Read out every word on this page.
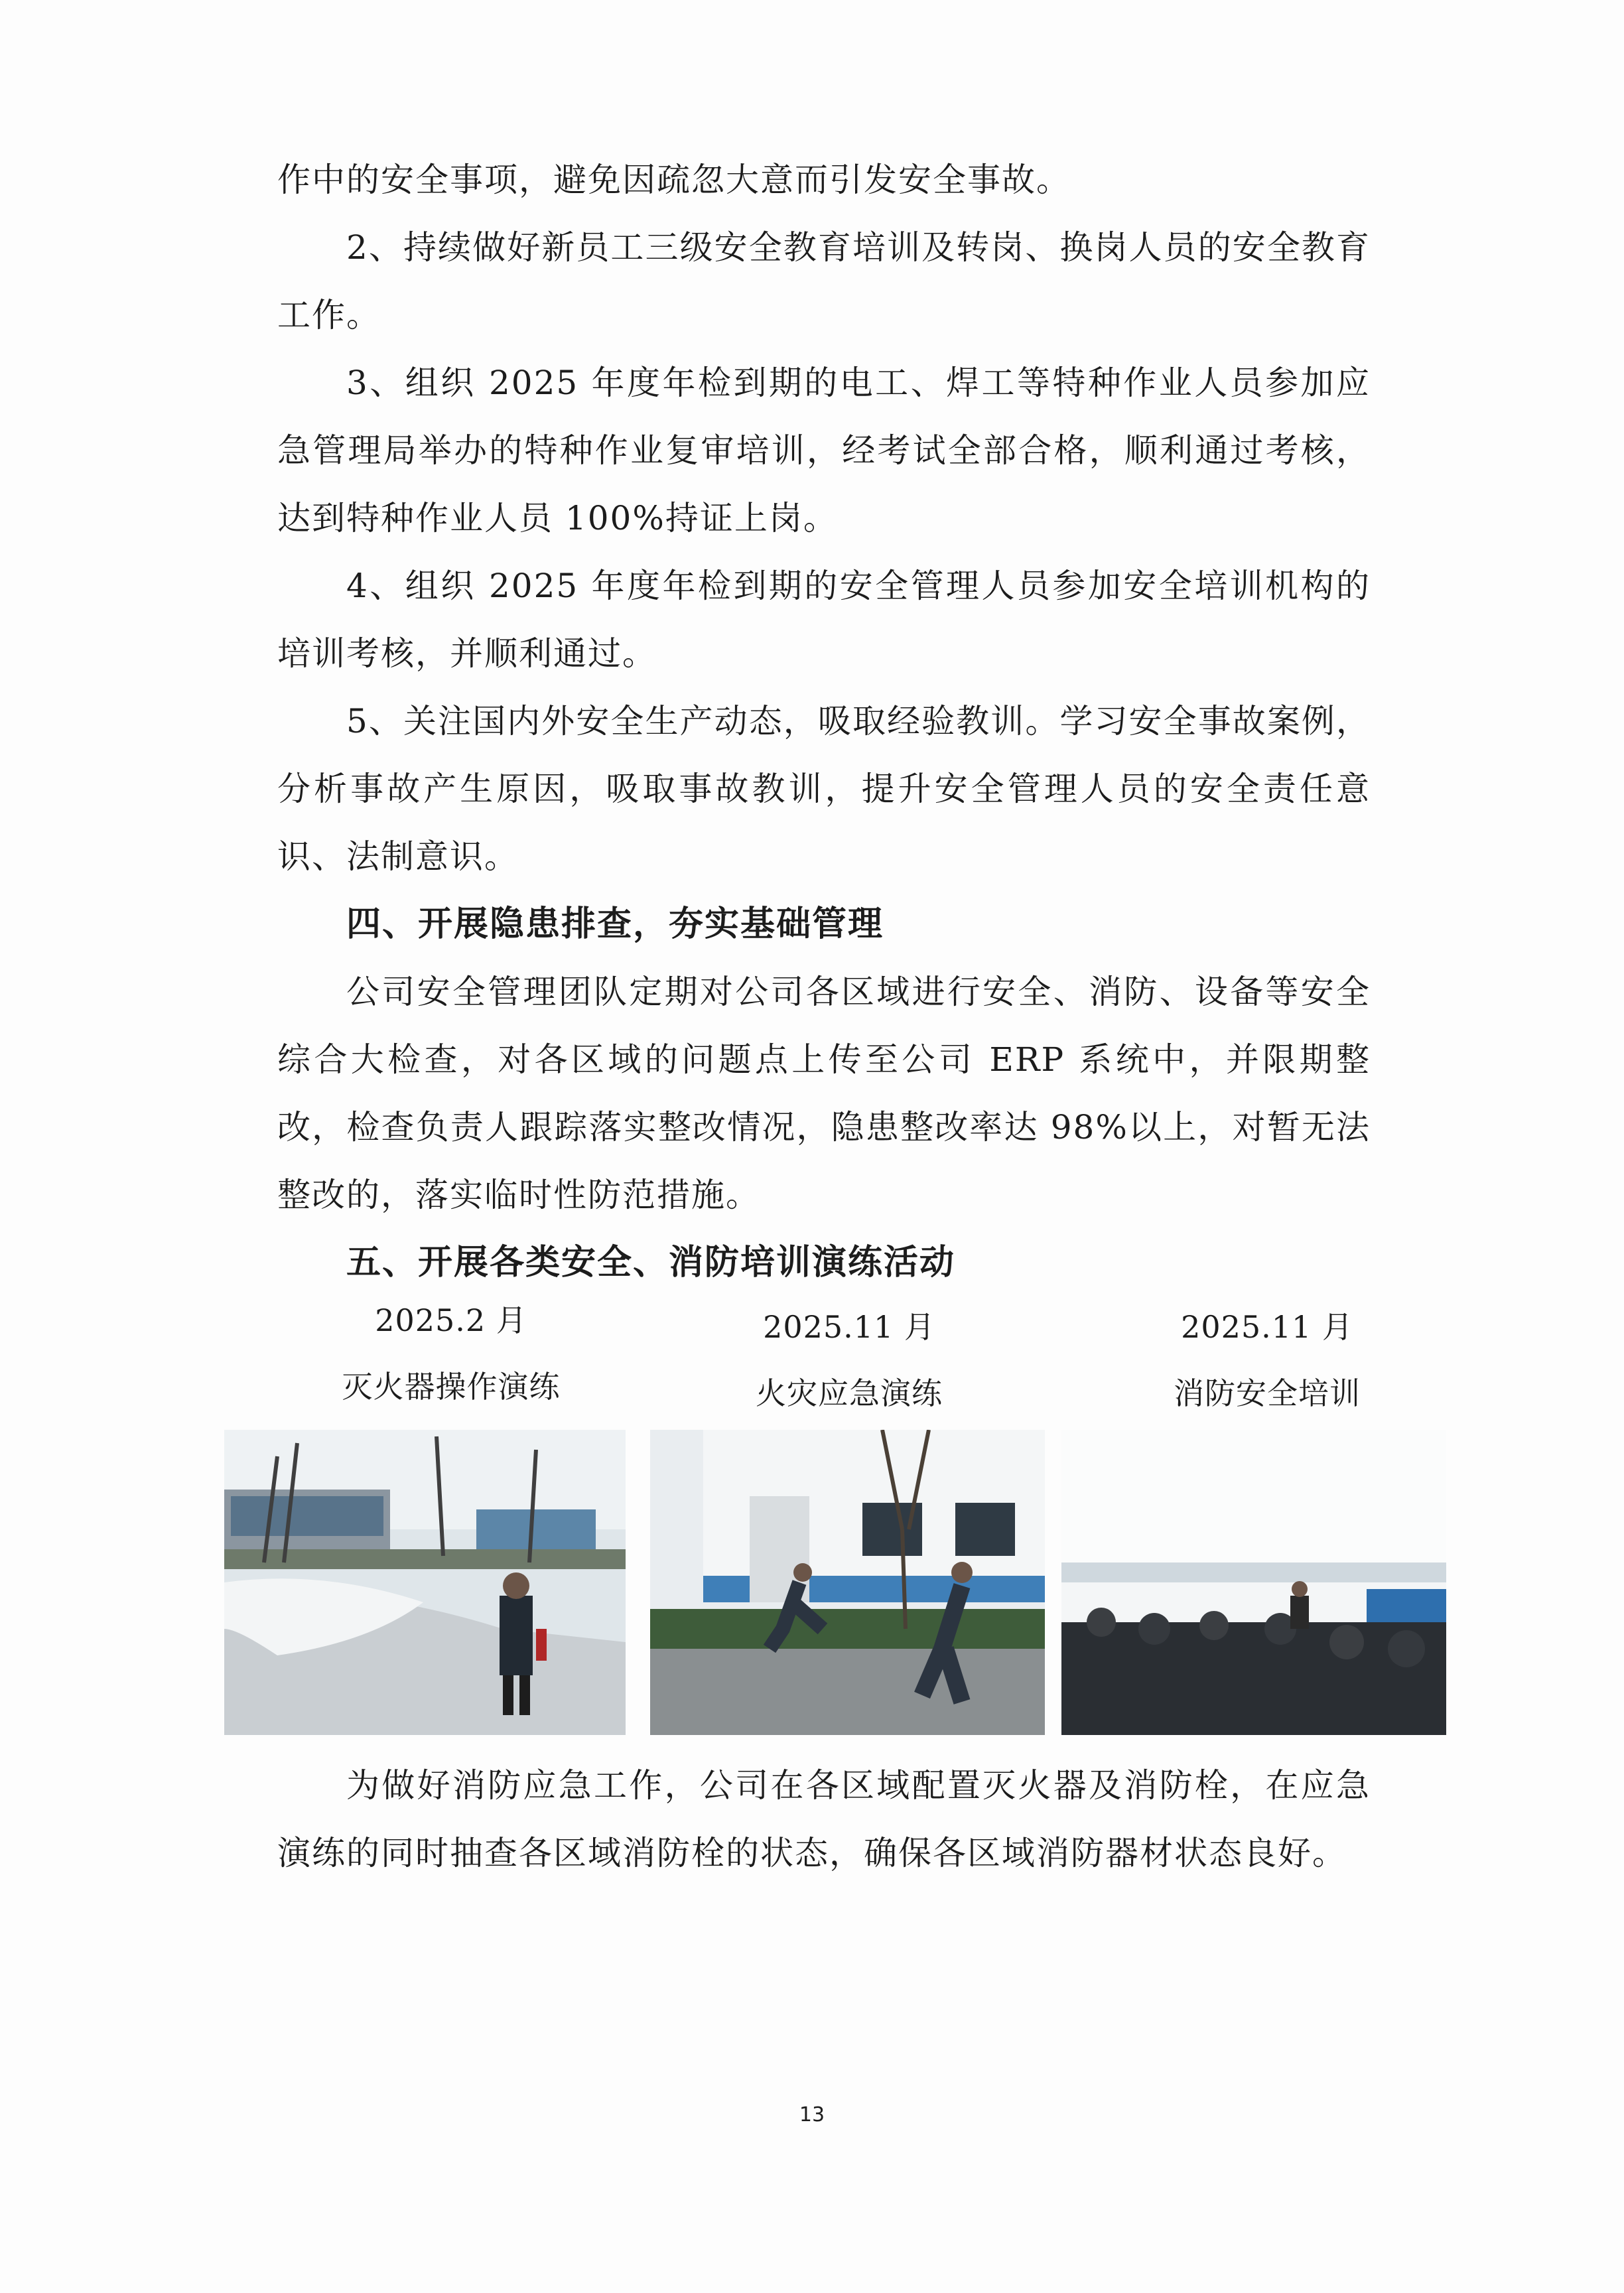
作中的安全事项，避免因疏忽大意而引发安全事故。

2、持续做好新员工三级安全教育培训及转岗、换岗人员的安全教育工作。

3、组织 2025 年度年检到期的电工、焊工等特种作业人员参加应急管理局举办的特种作业复审培训，经考试全部合格，顺利通过考核，达到特种作业人员 100%持证上岗。

4、组织 2025 年度年检到期的安全管理人员参加安全培训机构的培训考核，并顺利通过。

5、关注国内外安全生产动态，吸取经验教训。学习安全事故案例，分析事故产生原因，吸取事故教训，提升安全管理人员的安全责任意识、法制意识。

四、开展隐患排查，夯实基础管理

公司安全管理团队定期对公司各区域进行安全、消防、设备等安全综合大检查，对各区域的问题点上传至公司 ERP 系统中，并限期整改，检查负责人跟踪落实整改情况，隐患整改率达 98%以上，对暂无法整改的，落实临时性防范措施。

五、开展各类安全、消防培训演练活动

2025.2 月
灭火器操作演练
2025.11 月
火灾应急演练
2025.11 月
消防安全培训

为做好消防应急工作，公司在各区域配置灭火器及消防栓，在应急演练的同时抽查各区域消防栓的状态，确保各区域消防器材状态良好。

13
